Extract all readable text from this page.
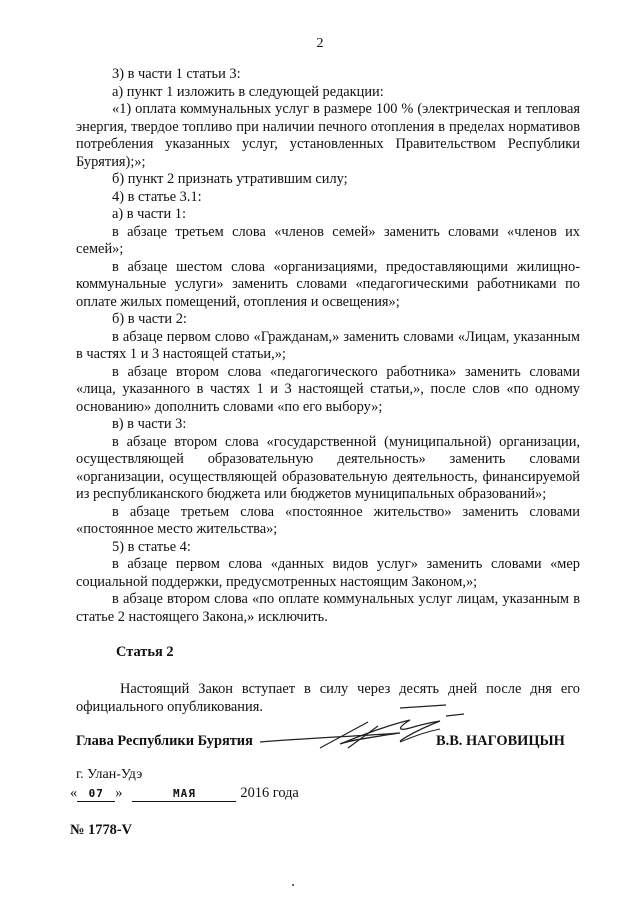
2

3) в части 1 статьи 3:

а) пункт 1 изложить в следующей редакции:

«1) оплата коммунальных услуг в размере 100 % (электрическая и тепловая энергия, твердое топливо при наличии печного отопления в пределах нормативов потребления указанных услуг, установленных Правительством Республики Бурятия);»;

б) пункт 2 признать утратившим силу;

4) в статье 3.1:

а) в части 1:

в абзаце третьем слова «членов семей» заменить словами «членов их семей»;

в абзаце шестом слова «организациями, предоставляющими жилищно-коммунальные услуги» заменить словами «педагогическими работниками по оплате жилых помещений, отопления и освещения»;

б) в части 2:

в абзаце первом слово «Гражданам,» заменить словами «Лицам, указанным в частях 1 и 3 настоящей статьи,»;

в абзаце втором слова «педагогического работника» заменить словами «лица, указанного в частях 1 и 3 настоящей статьи,», после слов «по одному основанию» дополнить словами «по его выбору»;

в) в части 3:

в абзаце втором слова «государственной (муниципальной) организации, осуществляющей образовательную деятельность» заменить словами «организации, осуществляющей образовательную деятельность, финансируемой из республиканского бюджета или бюджетов муниципальных образований»;

в абзаце третьем слова «постоянное жительство» заменить словами «постоянное место жительства»;

5) в статье 4:

в абзаце первом слова «данных видов услуг» заменить словами «мер социальной поддержки, предусмотренных настоящим Законом,»;

в абзаце втором слова «по оплате коммунальных услуг лицам, указанным в статье 2 настоящего Закона,» исключить.

Статья 2
Настоящий Закон вступает в силу через десять дней после дня его официального опубликования.
Глава Республики Бурятия	В.В. НАГОВИЦЫН
г. Улан-Удэ
«	07 »	МАЯ	2016 года
№ 1778-V
